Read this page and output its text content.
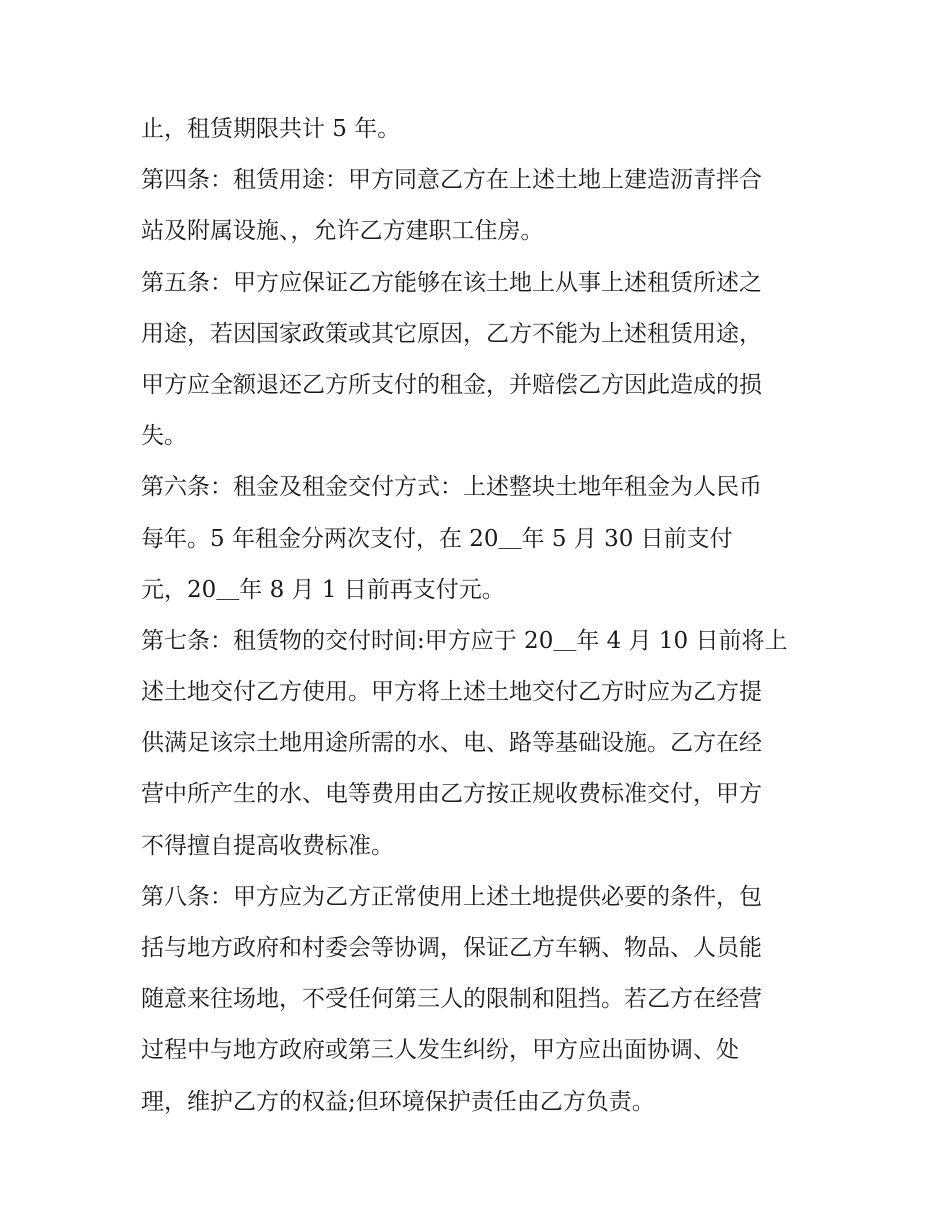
止，租赁期限共计 5 年。
第四条：租赁用途：甲方同意乙方在上述土地上建造沥青拌合
站及附属设施、，允许乙方建职工住房。
第五条：甲方应保证乙方能够在该土地上从事上述租赁所述之
用途，若因国家政策或其它原因，乙方不能为上述租赁用途，
甲方应全额退还乙方所支付的租金，并赔偿乙方因此造成的损
失。
第六条：租金及租金交付方式：上述整块土地年租金为人民币
每年。5 年租金分两次支付，在 20＿年 5 月 30 日前支付
元，20＿年 8 月 1 日前再支付元。
第七条：租赁物的交付时间:甲方应于 20＿年 4 月 10 日前将上
述土地交付乙方使用。甲方将上述土地交付乙方时应为乙方提
供满足该宗土地用途所需的水、电、路等基础设施。乙方在经
营中所产生的水、电等费用由乙方按正规收费标准交付，甲方
不得擅自提高收费标准。
第八条：甲方应为乙方正常使用上述土地提供必要的条件，包
括与地方政府和村委会等协调，保证乙方车辆、物品、人员能
随意来往场地，不受任何第三人的限制和阻挡。若乙方在经营
过程中与地方政府或第三人发生纠纷，甲方应出面协调、处
理，维护乙方的权益;但环境保护责任由乙方负责。
